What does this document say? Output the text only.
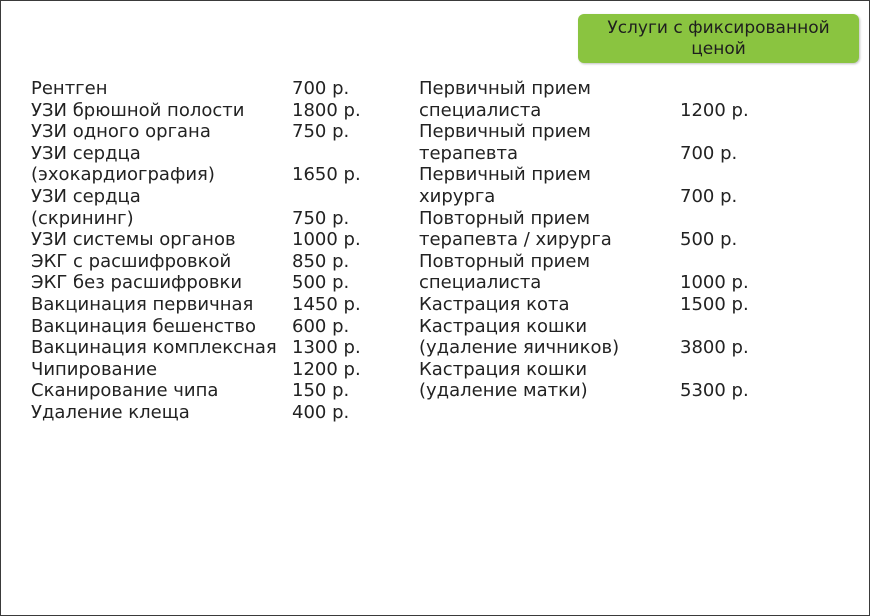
Услуги с фиксированной
ценой
Рентген	700 р.
УЗИ брюшной полости	1800 р.
УЗИ одного органа	750 р.
УЗИ сердца
(эхокардиография)	1650 р.
УЗИ сердца
(скрининг)	750 р.
УЗИ системы органов	1000 р.
ЭКГ с расшифровкой	850 р.
ЭКГ без расшифровки	500 р.
Вакцинация первичная	1450 р.
Вакцинация бешенство	600 р.
Вакцинация комплексная 1300 р.
Чипирование	1200 р.
Сканирование чипа	150 р.
Удаление клеща	400 р.
Первичный прием
специалиста	1200 р.
Первичный прием
терапевта	700 р.
Первичный прием
хирурга	700 р.
Повторный прием
терапевта / хирурга	500 р.
Повторный прием
специалиста	1000 р.
Кастрация кота	1500 р.
Кастрация кошки
(удаление яичников)	3800 р.
Кастрация кошки
(удаление матки)	5300 р.
